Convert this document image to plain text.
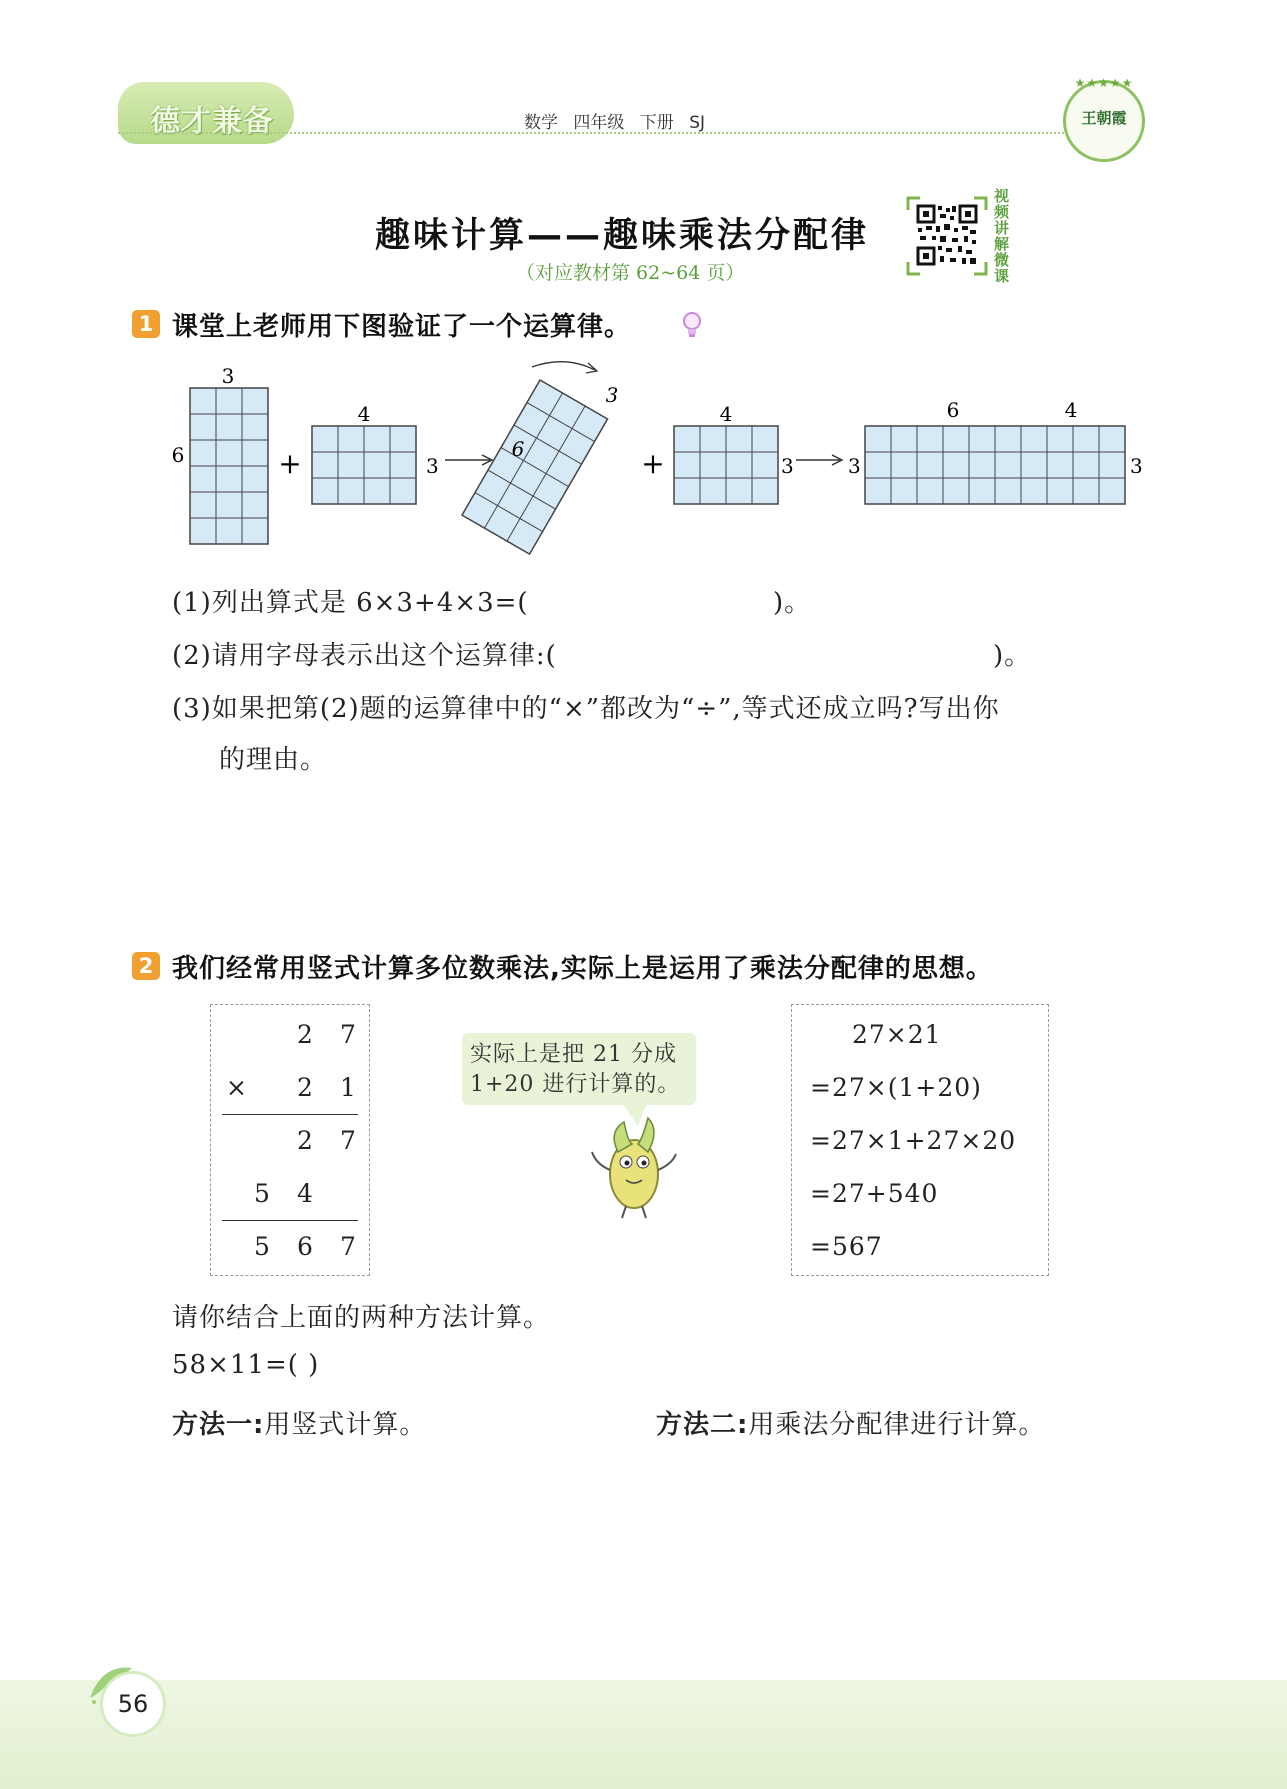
德才兼备	数学 四年级 下册 SJ
★★★★★
王朝霞
趣味计算——趣味乘法分配律
（对应教材第 62~64 页）
视频讲解微课
1 课堂上老师用下图验证了一个运算律。
3
6	+
4
3
3
6	+
4
3	3
6	4
3
(1)列出算式是 6×3+4×3=(	)。
(2)请用字母表示出这个运算律:(	)。
(3)如果把第(2)题的运算律中的“×”都改为“÷”,等式还成立吗?写出你
的理由。
2 我们经常用竖式计算多位数乘法,实际上是运用了乘法分配律的思想。
2 7
× 2 1
2 7
5 4
5 6 7
实际上是把 21 分成
1+20 进行计算的。
27×21
=27×(1+20)
=27×1+27×20
=27+540
=567
请你结合上面的两种方法计算。
58×11=( )
方法一:用竖式计算。	方法二:用乘法分配律进行计算。
56
